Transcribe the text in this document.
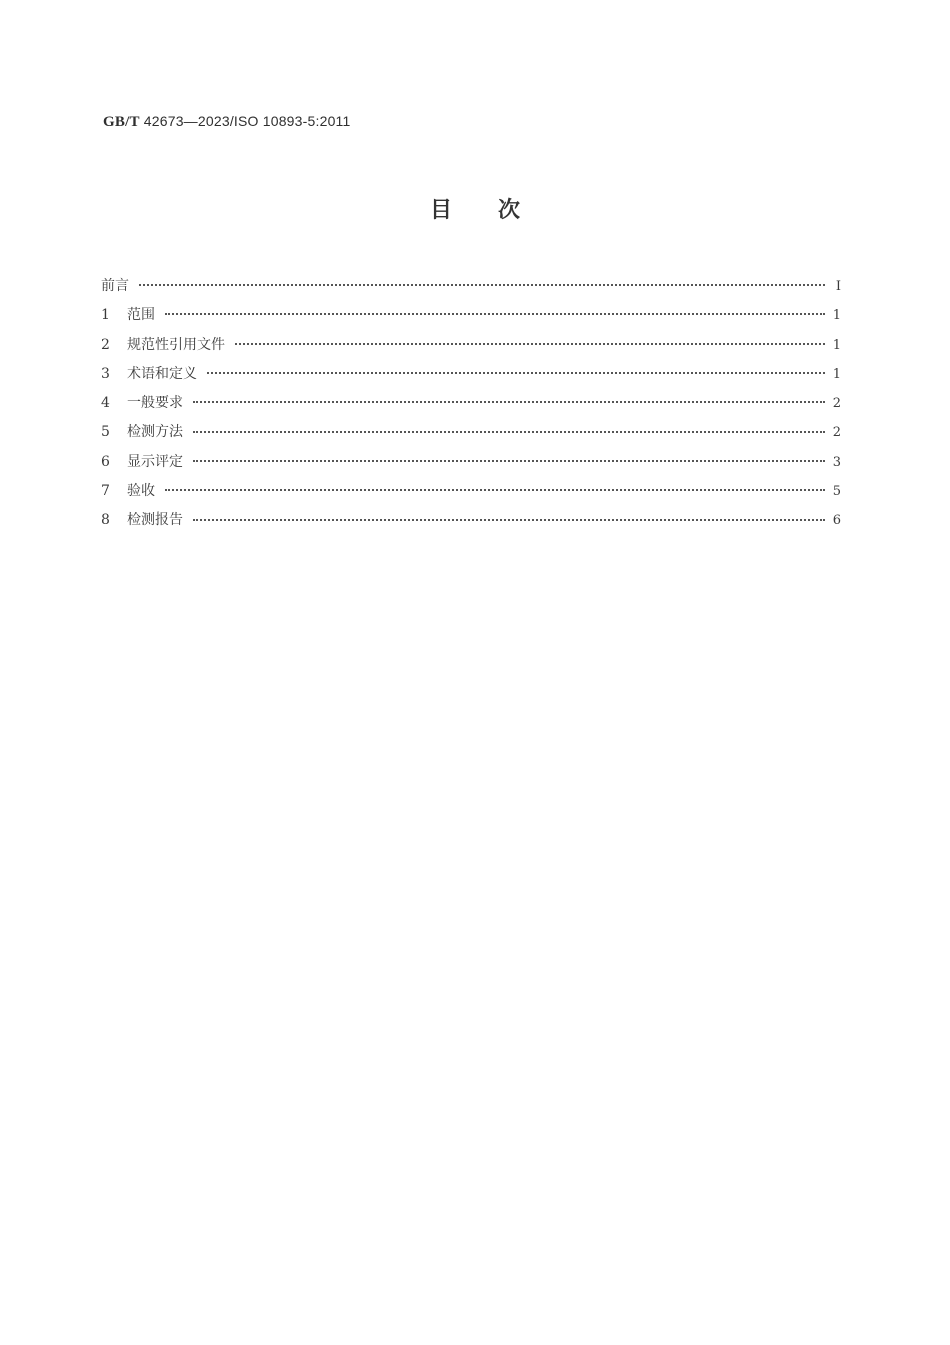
GB/T 42673—2023/ISO 10893-5:2011
目 次
前言	Ⅰ
1	范围	1
2	规范性引用文件	1
3	术语和定义	1
4	一般要求	2
5	检测方法	2
6	显示评定	3
7	验收	5
8	检测报告	6
